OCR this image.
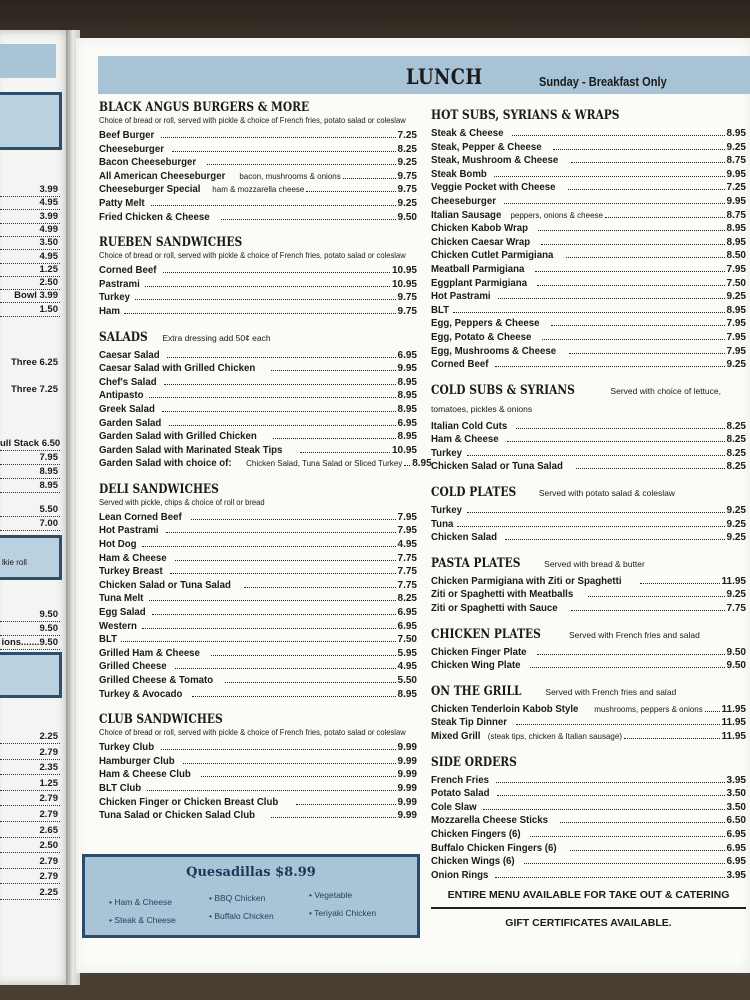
3.99
4.95
3.99
4.99
3.50
4.95
1.25
2.50
Bowl 3.99
1.50
Three 6.25
Three 7.25
ull Stack 6.50
7.95
8.95
8.95
5.50
7.00
lkie roll
9.50
9.50
ions.......9.50
2.25
2.79
2.35
1.25
2.79
2.79
2.65
2.50
2.79
2.79
2.25
LUNCH	Sunday - Breakfast Only
BLACK ANGUS BURGERS & MORE
Choice of bread or roll, served with pickle & choice of French fries, potato salad or coleslaw
Beef Burger	7.25
Cheeseburger	8.25
Bacon Cheeseburger	9.25
All American Cheeseburger bacon, mushrooms & onions	9.75
Cheeseburger Special ham & mozzarella cheese	9.75
Patty Melt	9.25
Fried Chicken & Cheese	9.50
RUEBEN SANDWICHES
Choice of bread or roll, served with pickle & choice of French fries, potato salad or coleslaw
Corned Beef	10.95
Pastrami	10.95
Turkey	9.75
Ham	9.75
SALADS Extra dressing add 50¢ each
Caesar Salad	6.95
Caesar Salad with Grilled Chicken	9.95
Chef's Salad	8.95
Antipasto	8.95
Greek Salad	8.95
Garden Salad	6.95
Garden Salad with Grilled Chicken	8.95
Garden Salad with Marinated Steak Tips	10.95
Garden Salad with choice of: Chicken Salad, Tuna Salad or Sliced Turkey 8.95
DELI SANDWICHES
Served with pickle, chips & choice of roll or bread
Lean Corned Beef	7.95
Hot Pastrami	7.95
Hot Dog	4.95
Ham & Cheese	7.75
Turkey Breast	7.75
Chicken Salad or Tuna Salad	7.75
Tuna Melt	8.25
Egg Salad	6.95
Western	6.95
BLT	7.50
Grilled Ham & Cheese	5.95
Grilled Cheese	4.95
Grilled Cheese & Tomato	5.50
Turkey & Avocado	8.95
CLUB SANDWICHES
Choice of bread or roll, served with pickle & choice of French fries, potato salad or coleslaw
Turkey Club	9.99
Hamburger Club	9.99
Ham & Cheese Club	9.99
BLT Club	9.99
Chicken Finger or Chicken Breast Club	9.99
Tuna Salad or Chicken Salad Club	9.99
HOT SUBS, SYRIANS & WRAPS
Steak & Cheese	8.95
Steak, Pepper & Cheese	9.25
Steak, Mushroom & Cheese	8.75
Steak Bomb	9.95
Veggie Pocket with Cheese	7.25
Cheeseburger	9.95
Italian Sausage peppers, onions & cheese	8.75
Chicken Kabob Wrap	8.95
Chicken Caesar Wrap	8.95
Chicken Cutlet Parmigiana	8.50
Meatball Parmigiana	7.95
Eggplant Parmigiana	7.50
Hot Pastrami	9.25
BLT	8.95
Egg, Peppers & Cheese	7.95
Egg, Potato & Cheese	7.95
Egg, Mushrooms & Cheese	7.95
Corned Beef	9.25
COLD SUBS & SYRIANS	Served with choice of lettuce, tomatoes, pickles & onions
Italian Cold Cuts	8.25
Ham & Cheese	8.25
Turkey	8.25
Chicken Salad or Tuna Salad	8.25
COLD PLATES	Served with potato salad & coleslaw
Turkey	9.25
Tuna	9.25
Chicken Salad	9.25
PASTA PLATES	Served with bread & butter
Chicken Parmigiana with Ziti or Spaghetti	11.95
Ziti or Spaghetti with Meatballs	9.25
Ziti or Spaghetti with Sauce	7.75
CHICKEN PLATES	Served with French fries and salad
Chicken Finger Plate	9.50
Chicken Wing Plate	9.50
ON THE GRILL	Served with French fries and salad
Chicken Tenderloin Kabob Style mushrooms, peppers & onions 11.95
Steak Tip Dinner	11.95
Mixed Grill (steak tips, chicken & Italian sausage)	11.95
SIDE ORDERS
French Fries	3.95
Potato Salad	3.50
Cole Slaw	3.50
Mozzarella Cheese Sticks	6.50
Chicken Fingers (6)	6.95
Buffalo Chicken Fingers (6)	6.95
Chicken Wings (6)	6.95
Onion Rings	3.95
ENTIRE MENU AVAILABLE FOR TAKE OUT & CATERING
GIFT CERTIFICATES AVAILABLE.
Quesadillas $8.99
• Ham & Cheese
• Steak & Cheese
• BBQ Chicken
• Buffalo Chicken
• Vegetable
• Teriyaki Chicken
